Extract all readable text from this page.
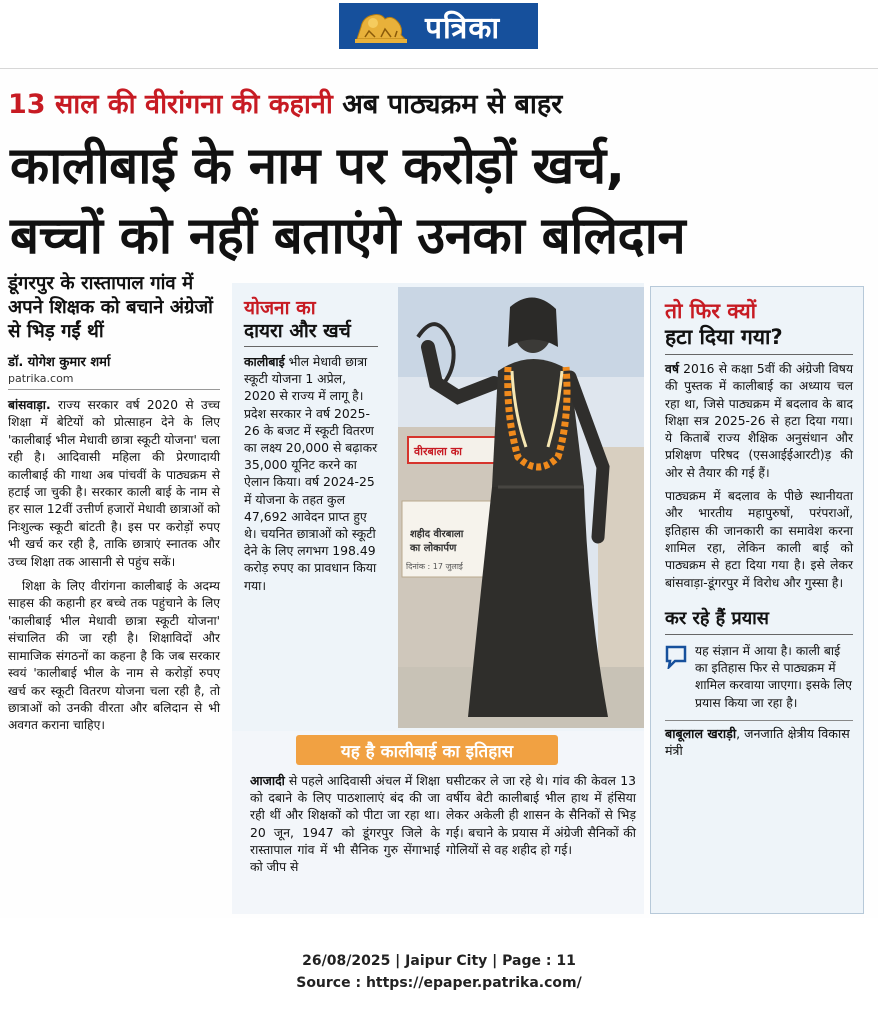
पत्रिका
13 साल की वीरांगना की कहानी अब पाठ्यक्रम से बाहर
कालीबाई के नाम पर करोड़ों खर्च,
बच्चों को नहीं बताएंगे उनका बलिदान
डूंगरपुर के रास्तापाल गांव में अपने शिक्षक को बचाने अंग्रेजों से भिड़ गईं थीं
डॉ. योगेश कुमार शर्मा
patrika.com

बांसवाड़ा. राज्य सरकार वर्ष 2020 से उच्च शिक्षा में बेटियों को प्रोत्साहन देने के लिए 'कालीबाई भील मेधावी छात्रा स्कूटी योजना' चला रही है। आदिवासी महिला की प्रेरणादायी कालीबाई की गाथा अब पांचवीं के पाठ्यक्रम से हटाई जा चुकी है। सरकार काली बाई के नाम से हर साल 12वीं उत्तीर्ण हजारों मेधावी छात्राओं को निःशुल्क स्कूटी बांटती है। इस पर करोड़ों रुपए भी खर्च कर रही है, ताकि छात्राएं स्नातक और उच्च शिक्षा तक आसानी से पहुंच सकें।

शिक्षा के लिए वीरांगना कालीबाई के अदम्य साहस की कहानी हर बच्चे तक पहुंचाने के लिए 'कालीबाई भील मेधावी छात्रा स्कूटी योजना' संचालित की जा रही है। शिक्षाविदों और सामाजिक संगठनों का कहना है कि जब सरकार स्वयं 'कालीबाई भील के नाम से करोड़ों रुपए खर्च कर स्कूटी वितरण योजना चला रही है, तो छात्राओं को उनकी वीरता और बलिदान से भी अवगत कराना चाहिए।

योजना का
दायरा और खर्च

कालीबाई भील मेधावी छात्रा स्कूटी योजना 1 अप्रेल, 2020 से राज्य में लागू है। प्रदेश सरकार ने वर्ष 2025-26 के बजट में स्कूटी वितरण का लक्ष्य 20,000 से बढ़ाकर 35,000 यूनिट करने का ऐलान किया। वर्ष 2024-25 में योजना के तहत कुल 47,692 आवेदन प्राप्त हुए थे। चयनित छात्राओं को स्कूटी देने के लिए लगभग 198.49 करोड़ रुपए का प्रावधान किया गया।

वीरबाला का
शहीद वीरबाला
का लोकार्पण
दिनांक : 17 जुलाई
तो फिर क्यों
हटा दिया गया?

वर्ष 2016 से कक्षा 5वीं की अंग्रेजी विषय की पुस्तक में कालीबाई का अध्याय चल रहा था, जिसे पाठ्यक्रम में बदलाव के बाद शिक्षा सत्र 2025-26 से हटा दिया गया। ये किताबें राज्य शैक्षिक अनुसंधान और प्रशिक्षण परिषद (एसआईईआरटी)ड़ की ओर से तैयार की गई हैं।

पाठ्यक्रम में बदलाव के पीछे स्थानीयता और भारतीय महापुरुषों, परंपराओं, इतिहास की जानकारी का समावेश करना शामिल रहा, लेकिन काली बाई को पाठ्यक्रम से हटा दिया गया है। इसे लेकर बांसवाड़ा-डूंगरपुर में विरोध और गुस्सा है।

कर रहे हैं प्रयास

यह संज्ञान में आया है। काली बाई का इतिहास फिर से पाठ्यक्रम में शामिल करवाया जाएगा। इसके लिए प्रयास किया जा रहा है।

बाबूलाल खराड़ी, जनजाति क्षेत्रीय विकास मंत्री

यह है कालीबाई का इतिहास

आजादी से पहले आदिवासी अंचल में शिक्षा को दबाने के लिए पाठशालाएं बंद की जा रही थीं और शिक्षकों को पीटा जा रहा था। 20 जून, 1947 को डूंगरपुर जिले के रास्तापाल गांव में भी सैनिक गुरु सेंगाभाई को जीप से

घसीटकर ले जा रहे थे। गांव की केवल 13 वर्षीय बेटी कालीबाई भील हाथ में हंसिया लेकर अकेली ही शासन के सैनिकों से भिड़ गई। बचाने के प्रयास में अंग्रेजी सैनिकों की गोलियों से वह शहीद हो गई।

26/08/2025 | Jaipur City | Page : 11
Source : https://epaper.patrika.com/
